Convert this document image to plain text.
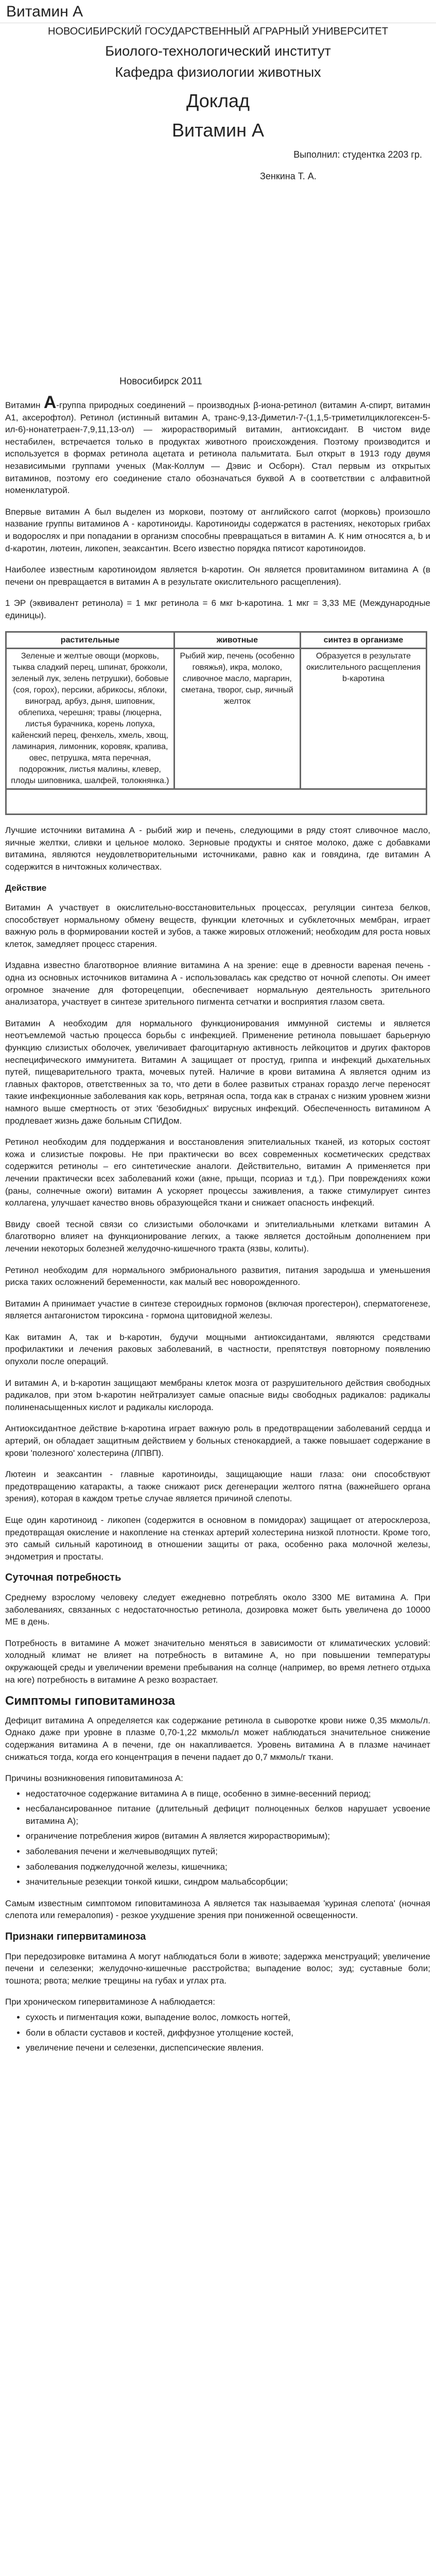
Витамин А
НОВОСИБИРСКИЙ ГОСУДАРСТВЕННЫЙ АГРАРНЫЙ УНИВЕРСИТЕТ
Биолого-технологический институт
Кафедра физиологии животных
Доклад
Витамин А
Выполнил: студентка 2203 гр.
Зенкина Т. А.
Новосибирск 2011

Витамин А-группа природных соединений – производных β-иона-ретинол (витамин А-спирт, витамин А1, аксерофтол). Ретинол (истинный витамин А, транс-9,13-Диметил-7-(1,1,5-триметилциклогексен-5-ил-6)-нонатетраен-7,9,11,13-ол) — жирорастворимый витамин, антиоксидант. В чистом виде нестабилен, встречается только в продуктах животного происхождения. Поэтому производится и используется в формах ретинола ацетата и ретинола пальмитата. Был открыт в 1913 году двумя независимыми группами ученых (Мак-Коллум — Дэвис и Осборн). Стал первым из открытых витаминов, поэтому его соединение стало обозначаться буквой А в соответствии с алфавитной номенклатурой.

Впервые витамин А был выделен из моркови, поэтому от английского carrot (морковь) произошло название группы витаминов А - каротиноиды. Каротиноиды содержатся в растениях, некоторых грибах и водорослях и при попадании в организм способны превращаться в витамин А. К ним относятся a, b и d-каротин, лютеин, ликопен, зеаксантин. Всего известно порядка пятисот каротиноидов.

Наиболее известным каротиноидом является b-каротин. Он является провитамином витамина А (в печени он превращается в витамин А в результате окислительного расщепления).

1 ЭР (эквивалент ретинола) = 1 мкг ретинола = 6 мкг b-каротина. 1 мкг = 3,33 МЕ (Международные единицы).

растительные	животные	синтез в организме
Зеленые и желтые овощи (морковь, тыква сладкий перец, шпинат, брокколи, зеленый лук, зелень петрушки), бобовые (соя, горох), персики, абрикосы, яблоки, виноград, арбуз, дыня, шиповник, облепиха, черешня; травы (люцерна, листья бурачника, корень лопуха, кайенский перец, фенхель, хмель, хвощ, ламинария, лимонник, коровяк, крапива, овес, петрушка, мята перечная, подорожник, листья малины, клевер, плоды шиповника, шалфей, толокнянка.)	Рыбий жир, печень (особенно говяжья), икра, молоко, сливочное масло, маргарин, сметана, творог, сыр, яичный желток	Образуется в результате окислительного расщепления b-каротина

Лучшие источники витамина А - рыбий жир и печень, следующими в ряду стоят сливочное масло, яичные желтки, сливки и цельное молоко. Зерновые продукты и снятое молоко, даже с добавками витамина, являются неудовлетворительными источниками, равно как и говядина, где витамин А содержится в ничтожных количествах.

Действие

Витамин А участвует в окислительно-восстановительных процессах, регуляции синтеза белков, способствует нормальному обмену веществ, функции клеточных и субклеточных мембран, играет важную роль в формировании костей и зубов, а также жировых отложений; необходим для роста новых клеток, замедляет процесс старения.

Издавна известно благотворное влияние витамина А на зрение: еще в древности вареная печень - одна из основных источников витамина А - использовалась как средство от ночной слепоты. Он имеет огромное значение для фоторецепции, обеспечивает нормальную деятельность зрительного анализатора, участвует в синтезе зрительного пигмента сетчатки и восприятия глазом света.

Витамин А необходим для нормального функционирования иммунной системы и является неотъемлемой частью процесса борьбы с инфекцией. Применение ретинола повышает барьерную функцию слизистых оболочек, увеличивает фагоцитарную активность лейкоцитов и других факторов неспецифического иммунитета. Витамин А защищает от простуд, гриппа и инфекций дыхательных путей, пищеварительного тракта, мочевых путей. Наличие в крови витамина А является одним из главных факторов, ответственных за то, что дети в более развитых странах гораздо легче переносят такие инфекционные заболевания как корь, ветряная оспа, тогда как в странах с низким уровнем жизни намного выше смертность от этих 'безобидных' вирусных инфекций. Обеспеченность витамином А продлевает жизнь даже больным СПИДом.

Ретинол необходим для поддержания и восстановления эпителиальных тканей, из которых состоят кожа и слизистые покровы. Не при практически во всех современных косметических средствах содержится ретинолы – его синтетические аналоги. Действительно, витамин А применяется при лечении практически всех заболеваний кожи (акне, прыщи, псориаз и т.д.). При повреждениях кожи (раны, солнечные ожоги) витамин А ускоряет процессы заживления, а также стимулирует синтез коллагена, улучшает качество вновь образующейся ткани и снижает опасность инфекций.

Ввиду своей тесной связи со слизистыми оболочками и эпителиальными клетками витамин А благотворно влияет на функционирование легких, а также является достойным дополнением при лечении некоторых болезней желудочно-кишечного тракта (язвы, колиты).

Ретинол необходим для нормального эмбрионального развития, питания зародыша и уменьшения риска таких осложнений беременности, как малый вес новорожденного.

Витамин А принимает участие в синтезе стероидных гормонов (включая прогестерон), сперматогенезе, является антагонистом тироксина - гормона щитовидной железы.

Как витамин А, так и b-каротин, будучи мощными антиоксидантами, являются средствами профилактики и лечения раковых заболеваний, в частности, препятствуя повторному появлению опухоли после операций.

И витамин А, и b-каротин защищают мембраны клеток мозга от разрушительного действия свободных радикалов, при этом b-каротин нейтрализует самые опасные виды свободных радикалов: радикалы полиненасыщенных кислот и радикалы кислорода.

Антиоксидантное действие b-каротина играет важную роль в предотвращении заболеваний сердца и артерий, он обладает защитным действием у больных стенокардией, а также повышает содержание в крови 'полезного' холестерина (ЛПВП).

Лютеин и зеаксантин - главные каротиноиды, защищающие наши глаза: они способствуют предотвращению катаракты, а также снижают риск дегенерации желтого пятна (важнейшего органа зрения), которая в каждом третье случае является причиной слепоты.

Еще один каротиноид - ликопен (содержится в основном в помидорах) защищает от атеросклероза, предотвращая окисление и накопление на стенках артерий холестерина низкой плотности. Кроме того, это самый сильный каротиноид в отношении защиты от рака, особенно рака молочной железы, эндометрия и простаты.

Суточная потребность

Среднему взрослому человеку следует ежедневно потреблять около 3300 МЕ витамина А. При заболеваниях, связанных с недостаточностью ретинола, дозировка может быть увеличена до 10000 МЕ в день.

Потребность в витамине А может значительно меняться в зависимости от климатических условий: холодный климат не влияет на потребность в витамине А, но при повышении температуры окружающей среды и увеличении времени пребывания на солнце (например, во время летнего отдыха на юге) потребность в витамине А резко возрастает.

Симптомы гиповитаминоза

Дефицит витамина А определяется как содержание ретинола в сыворотке крови ниже 0,35 мкмоль/л. Однако даже при уровне в плазме 0,70-1,22 мкмоль/л может наблюдаться значительное снижение содержания витамина А в печени, где он накапливается. Уровень витамина А в плазме начинает снижаться тогда, когда его концентрация в печени падает до 0,7 мкмоль/г ткани.

Причины возникновения гиповитаминоза А:

• недостаточное содержание витамина А в пище, особенно в зимне-весенний период;
• несбалансированное питание (длительный дефицит полноценных белков нарушает усвоение витамина А);
• ограничение потребления жиров (витамин А является жирорастворимым);
• заболевания печени и желчевыводящих путей;
• заболевания поджелудочной железы, кишечника;
• значительные резекции тонкой кишки, синдром мальабсорбции;

Самым известным симптомом гиповитаминоза А является так называемая 'куриная слепота' (ночная слепота или гемералопия) - резкое ухудшение зрения при пониженной освещенности.

Признаки гипервитаминоза

При передозировке витамина А могут наблюдаться боли в животе; задержка менструаций; увеличение печени и селезенки; желудочно-кишечные расстройства; выпадение волос; зуд; суставные боли; тошнота; рвота; мелкие трещины на губах и углах рта.

При хроническом гипервитаминозе А наблюдается:

• сухость и пигментация кожи, выпадение волос, ломкость ногтей,
• боли в области суставов и костей, диффузное утолщение костей,
• увеличение печени и селезенки, диспепсические явления.
